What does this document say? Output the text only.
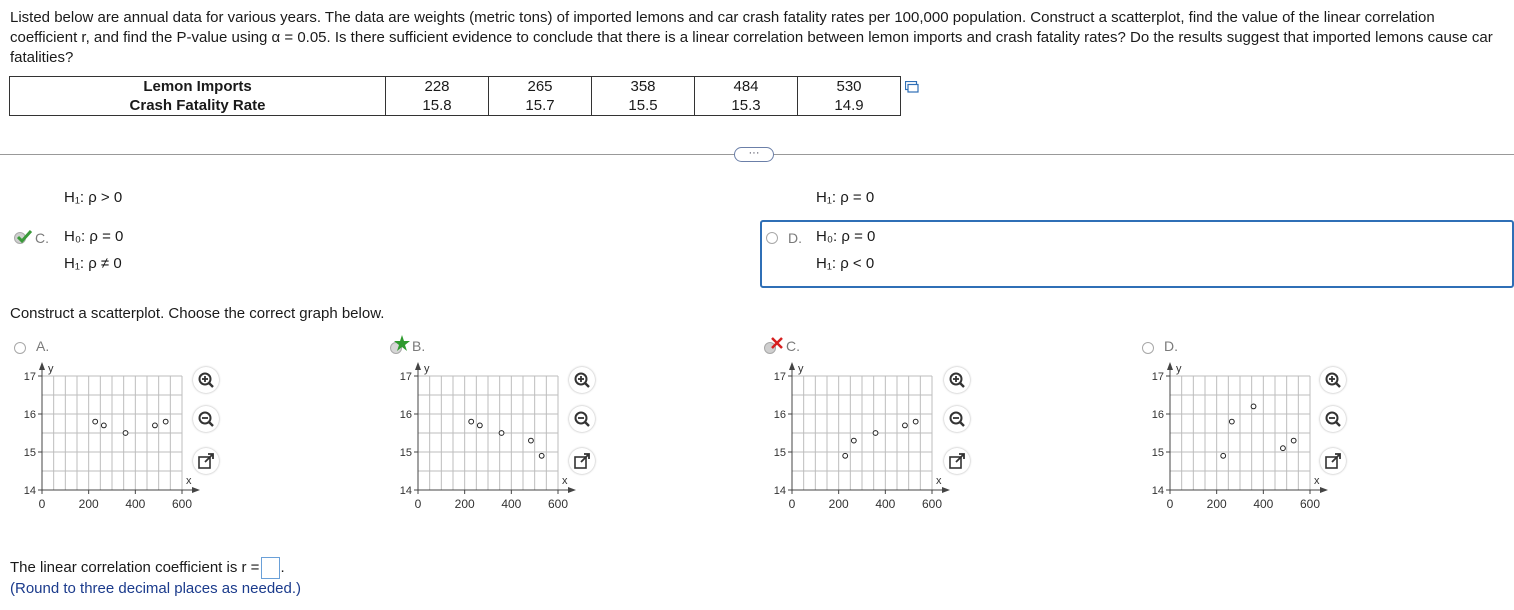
Listed below are annual data for various years. The data are weights (metric tons) of imported lemons and car crash fatality rates per 100,000 population. Construct a scatterplot, find the value of the linear correlation coefficient r, and find the P-value using α = 0.05. Is there sufficient evidence to conclude that there is a linear correlation between lemon imports and crash fatality rates? Do the results suggest that imported lemons cause car fatalities?
Lemon Imports	228	265	358	484	530
Crash Fatality Rate	15.8	15.7	15.5	15.3	14.9
···
H₁: ρ > 0
C. H₀: ρ = 0
H₁: ρ ≠ 0
H₁: ρ = 0
D. H₀: ρ = 0
H₁: ρ < 0
Construct a scatterplot. Choose the correct graph below.
A.
14
15
16
17
0	200 400 600
x
y
B.
14
15
16
17
0	200 400 600
x
y
C.
14
15
16
17
0	200 400 600
x
y
D.
14
15
16
17
0	200 400 600
x
y
The linear correlation coefficient is r = .
(Round to three decimal places as needed.)
